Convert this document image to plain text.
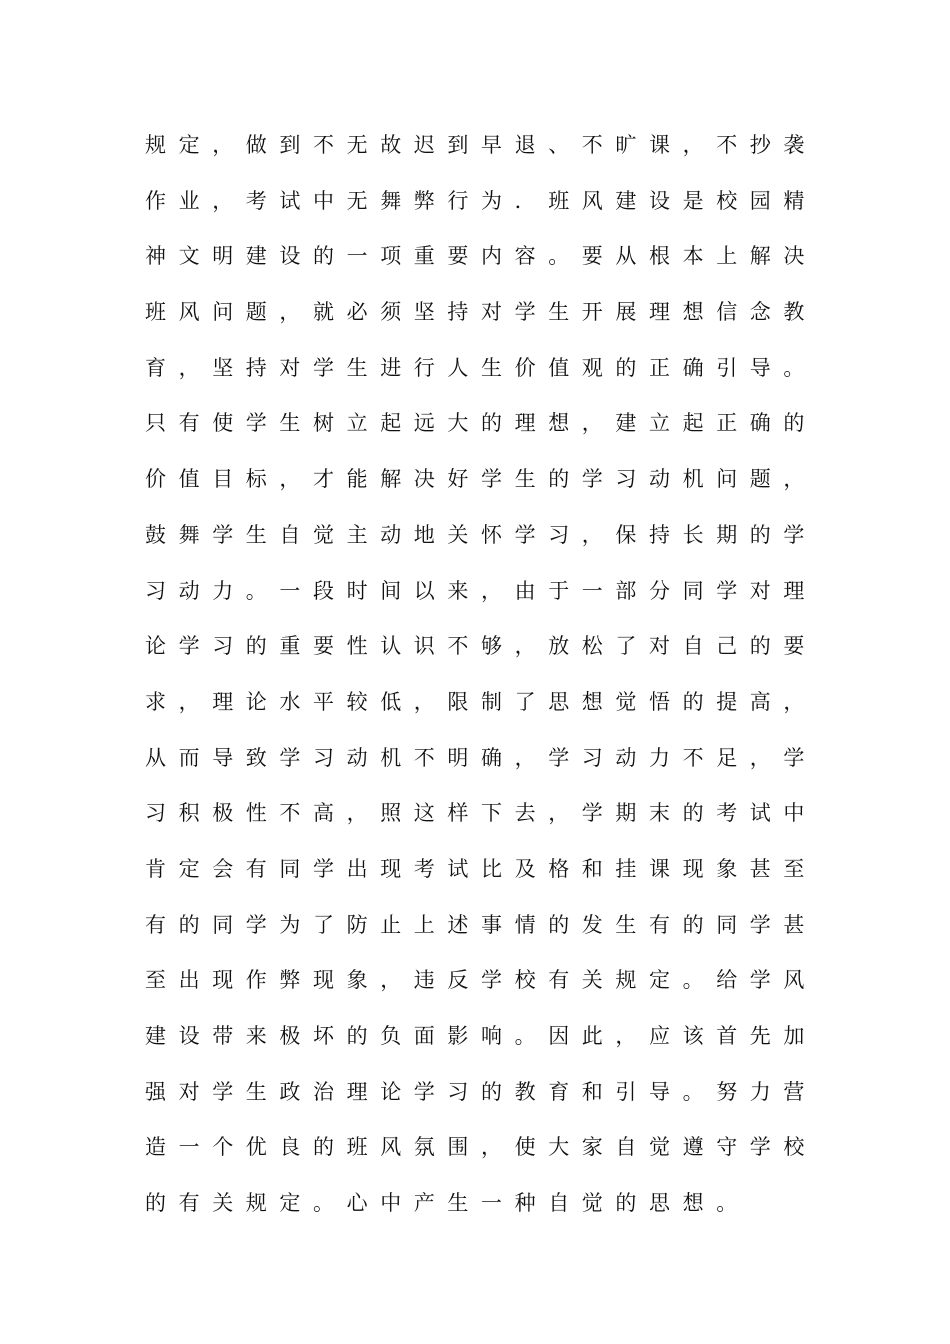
规定，做到不无故迟到早退、不旷课，不抄袭
作业，考试中无舞弊行为．班风建设是校园精
神文明建设的一项重要内容。要从根本上解决
班风问题，就必须坚持对学生开展理想信念教
育，坚持对学生进行人生价值观的正确引导。
只有使学生树立起远大的理想，建立起正确的
价值目标，才能解决好学生的学习动机问题，
鼓舞学生自觉主动地关怀学习，保持长期的学
习动力。一段时间以来，由于一部分同学对理
论学习的重要性认识不够，放松了对自己的要
求，理论水平较低，限制了思想觉悟的提高，
从而导致学习动机不明确，学习动力不足，学
习积极性不高，照这样下去，学期末的考试中
肯定会有同学出现考试比及格和挂课现象甚至
有的同学为了防止上述事情的发生有的同学甚
至出现作弊现象，违反学校有关规定。给学风
建设带来极坏的负面影响。因此，应该首先加
强对学生政治理论学习的教育和引导。努力营
造一个优良的班风氛围，使大家自觉遵守学校
的有关规定。心中产生一种自觉的思想。
